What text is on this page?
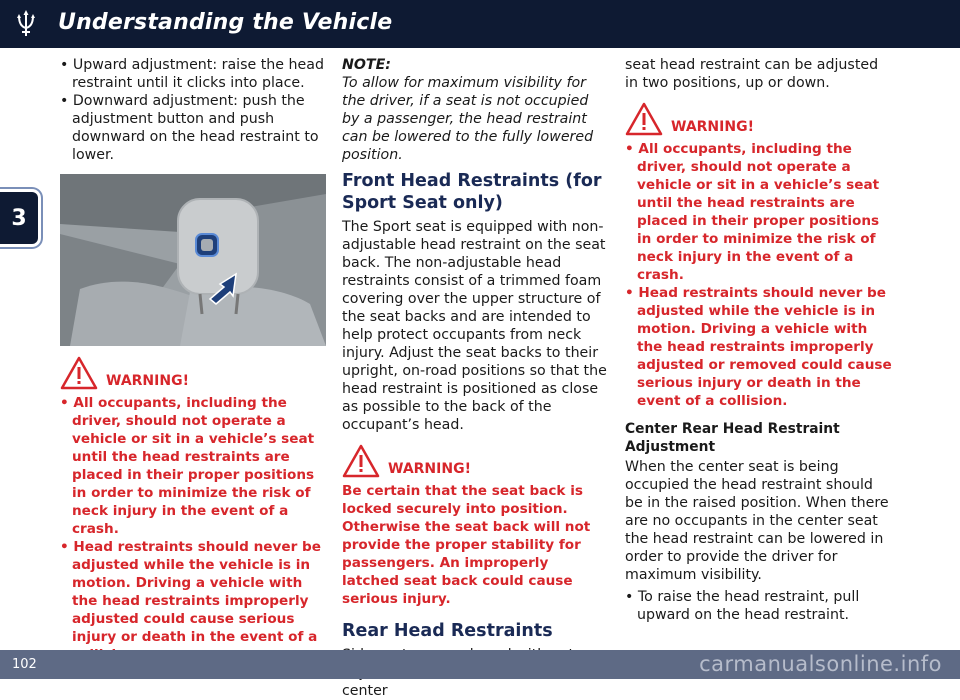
Understanding the Vehicle
3

• Upward adjustment: raise the head restraint until it clicks into place.

• Downward adjustment: push the adjustment button and push downward on the head restraint to lower.

WARNING!

• All occupants, including the driver, should not operate a vehicle or sit in a vehicle’s seat until the head restraints are placed in their proper positions in order to minimize the risk of neck injury in the event of a crash.

• Head restraints should never be adjusted while the vehicle is in motion. Driving a vehicle with the head restraints improperly adjusted could cause serious injury or death in the event of a

NOTE:

To allow for maximum visibility for the driver, if a seat is not occupied by a passenger, the head restraint can be lowered to the fully lowered position.

Front Head Restraints (for Sport Seat only)

The Sport seat is equipped with non-adjustable head restraint on the seat back. The non-adjustable head restraints consist of a trimmed foam covering over the upper structure of the seat backs and are intended to help protect occupants from neck injury. Adjust the seat backs to their upright, on-road positions so that the head restraint is positioned as close as possible to the back of the occupant’s head.

WARNING!

Be certain that the seat back is locked securely into position. Otherwise the seat back will not provide the proper stability for passengers. An improperly latched seat back could cause serious injury.

Rear Head Restraints

center

seat head restraint can be adjusted in two positions, up or down.

WARNING!

• All occupants, including the driver, should not operate a vehicle or sit in a vehicle’s seat until the head restraints are placed in their proper positions in order to minimize the risk of neck injury in the event of a crash.

• Head restraints should never be adjusted while the vehicle is in motion. Driving a vehicle with the head restraints improperly adjusted or removed could cause serious injury or death in the event of a collision.

Center Rear Head Restraint Adjustment

When the center seat is being occupied the head restraint should be in the raised position. When there are no occupants in the center seat the head restraint can be lowered in order to provide the driver for maximum visibility.

• To raise the head restraint, pull upward on the head restraint.

102	carmanualsonline.info
